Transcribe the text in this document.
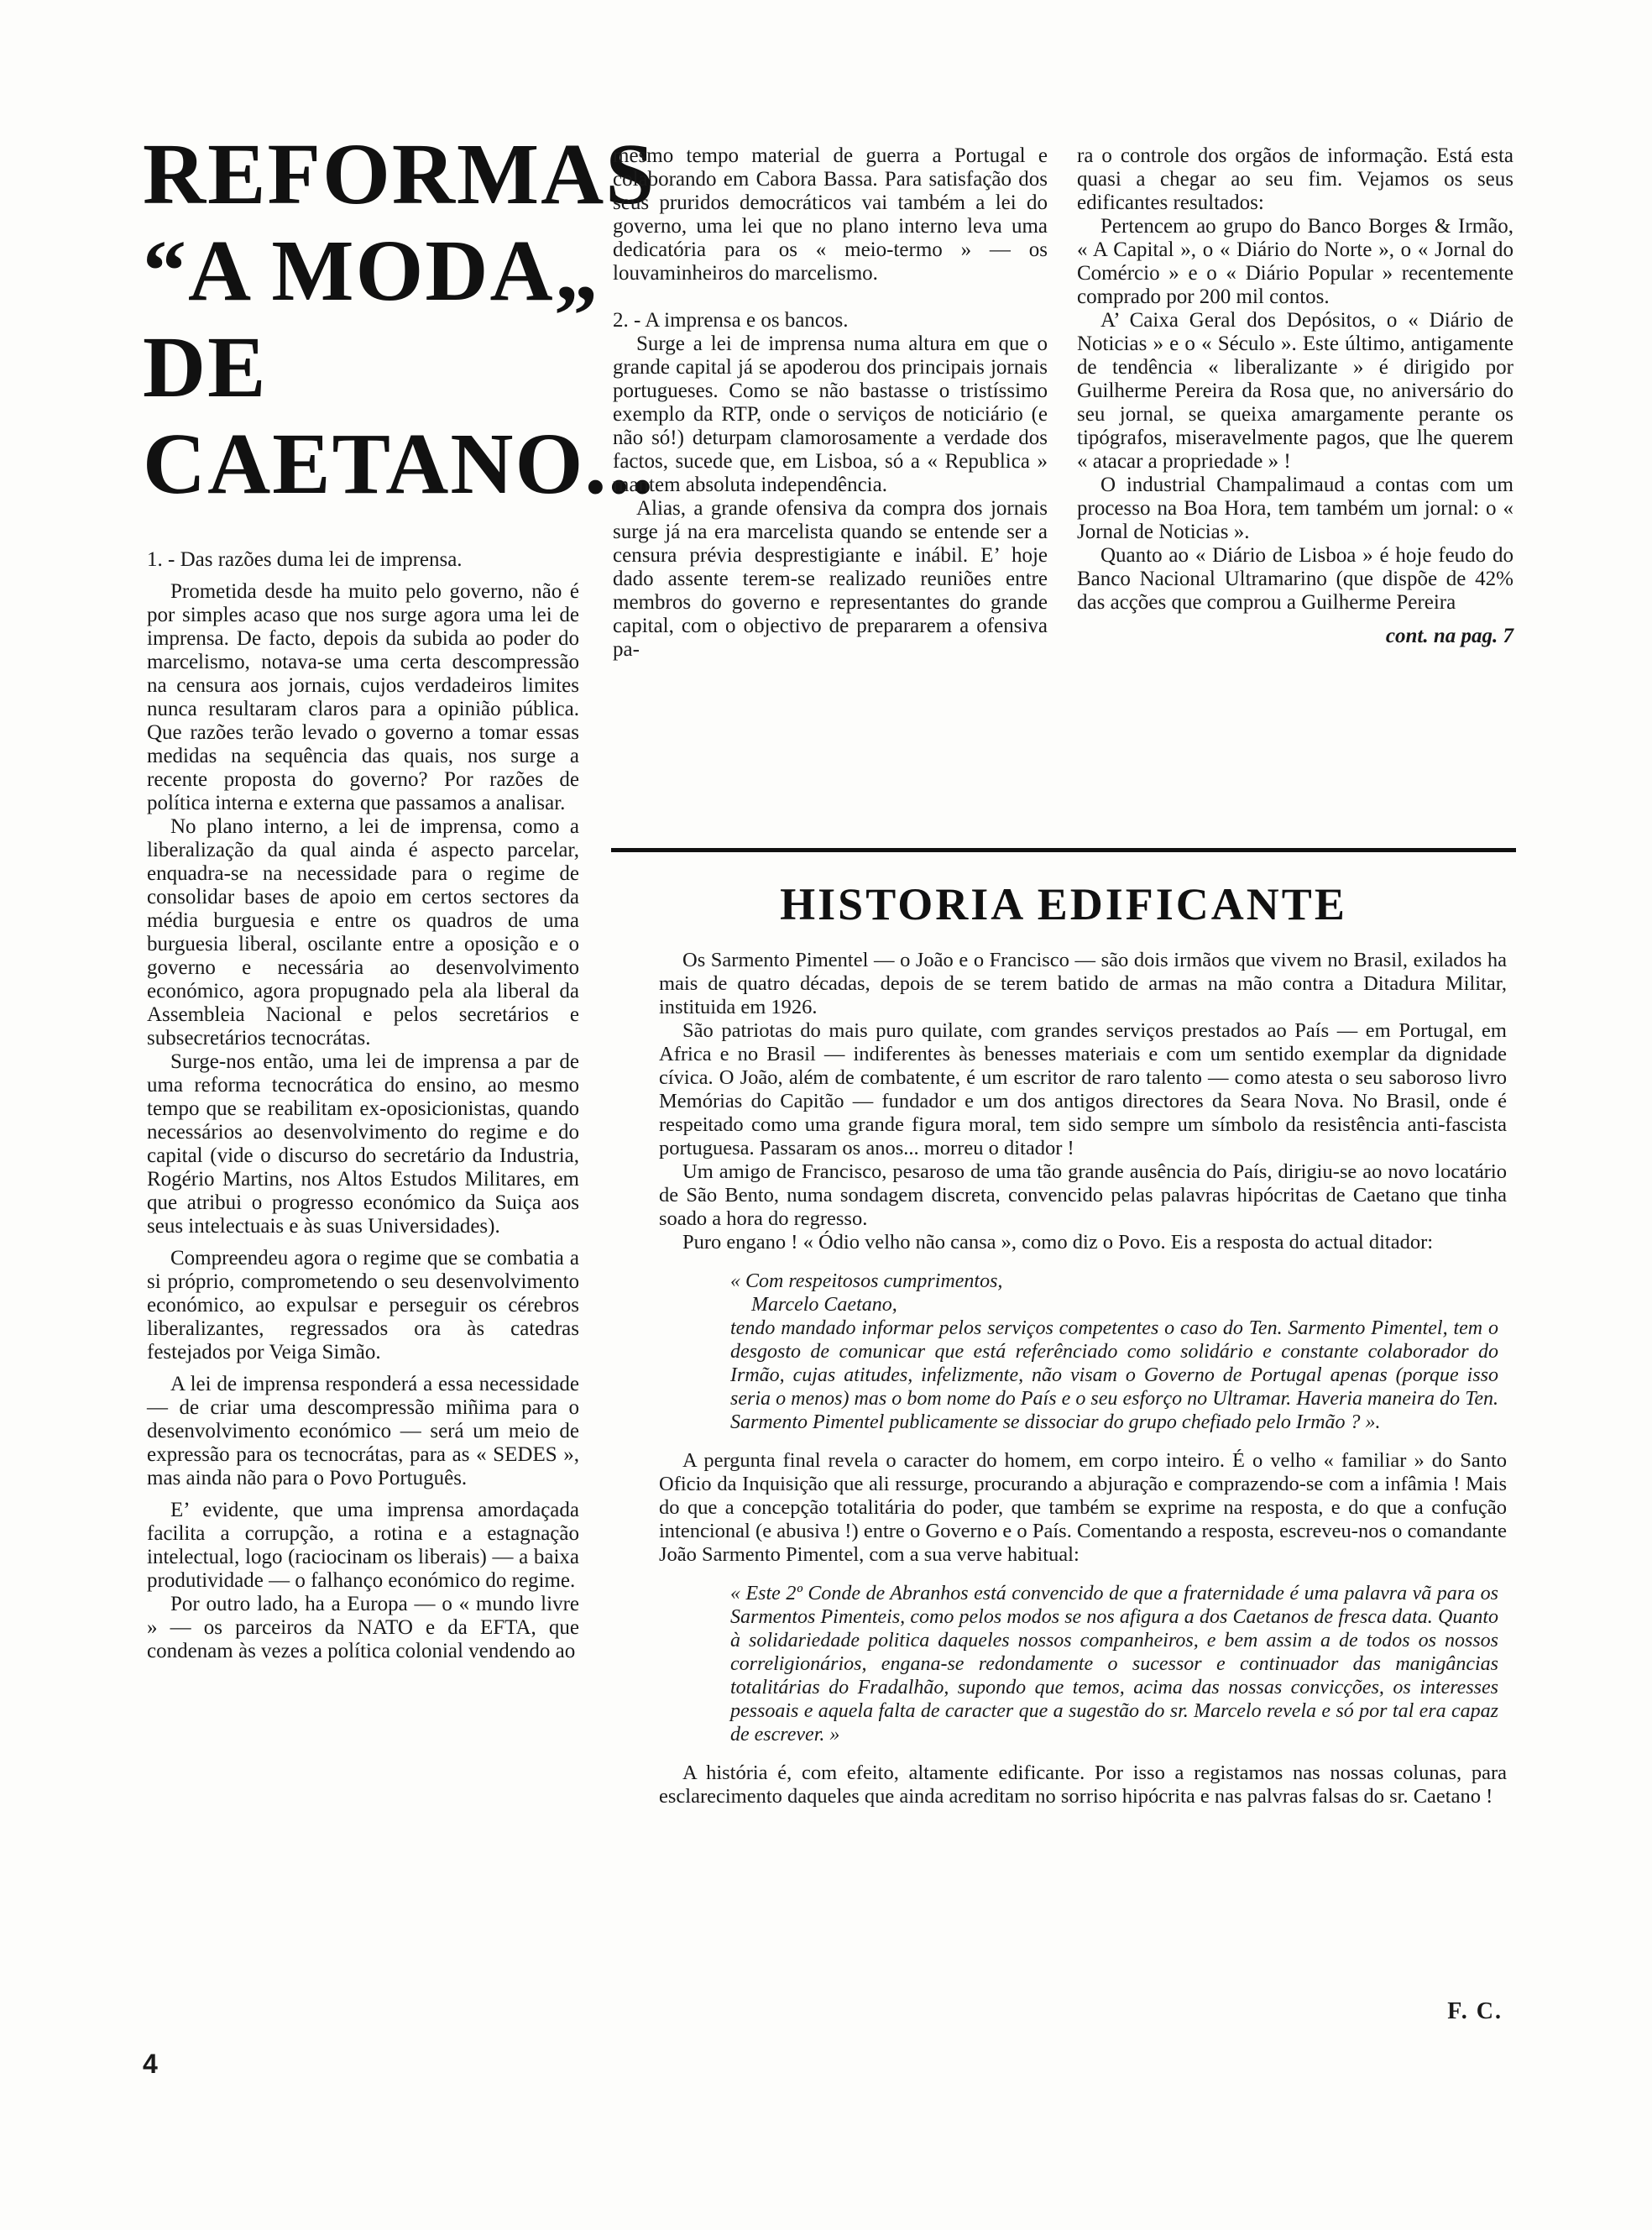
REFORMAS
“A MODA„
DE
CAETANO...

1. - Das razões duma lei de imprensa.

Prometida desde ha muito pelo governo, não é por simples acaso que nos surge agora uma lei de imprensa. De facto, depois da subida ao poder do marcelismo, notava-se uma certa descompressão na censura aos jornais, cujos verdadeiros limites nunca resultaram claros para a opinião pública. Que razões terão levado o governo a tomar essas medidas na sequência das quais, nos surge a recente proposta do governo? Por razões de política interna e externa que passamos a analisar.

No plano interno, a lei de imprensa, como a liberalização da qual ainda é aspecto parcelar, enquadra-se na necessidade para o regime de consolidar bases de apoio em certos sectores da média burguesia e entre os quadros de uma burguesia liberal, oscilante entre a oposição e o governo e necessária ao desenvolvimento económico, agora propugnado pela ala liberal da Assembleia Nacional e pelos secretários e subsecretários tecnocrátas.

Surge-nos então, uma lei de imprensa a par de uma reforma tecnocrática do ensino, ao mesmo tempo que se reabilitam ex-oposicionistas, quando necessários ao desenvolvimento do regime e do capital (vide o discurso do secretário da Industria, Rogério Martins, nos Altos Estudos Militares, em que atribui o progresso económico da Suiça aos seus intelectuais e às suas Universidades).

Compreendeu agora o regime que se combatia a si próprio, comprometendo o seu desenvolvimento económico, ao expulsar e perseguir os cérebros liberalizantes, regressados ora às catedras festejados por Veiga Simão.

A lei de imprensa responderá a essa necessidade — de criar uma descompressão miñima para o desenvolvimento económico — será um meio de expressão para os tecnocrátas, para as « SEDES », mas ainda não para o Povo Português.

E’ evidente, que uma imprensa amordaçada facilita a corrupção, a rotina e a estagnação intelectual, logo (raciocinam os liberais) — a baixa produtividade — o falhanço económico do regime.

Por outro lado, ha a Europa — o « mundo livre » — os parceiros da NATO e da EFTA, que condenam às vezes a política colonial vendendo ao

mesmo tempo material de guerra a Portugal e colaborando em Cabora Bassa. Para satisfação dos seus pruridos democráticos vai também a lei do governo, uma lei que no plano interno leva uma dedicatória para os « meio-termo » — os louvaminheiros do marcelismo.

2. - A imprensa e os bancos.

Surge a lei de imprensa numa altura em que o grande capital já se apoderou dos principais jornais portugueses. Como se não bastasse o tristíssimo exemplo da RTP, onde o serviços de noticiário (e não só!) deturpam clamorosamente a verdade dos factos, sucede que, em Lisboa, só a « Republica » mantem absoluta independência.

Alias, a grande ofensiva da compra dos jornais surge já na era marcelista quando se entende ser a censura prévia desprestigiante e inábil. E’ hoje dado assente terem-se realizado reuniões entre membros do governo e representantes do grande capital, com o objectivo de prepararem a ofensiva pa-

ra o controle dos orgãos de informação. Está esta quasi a chegar ao seu fim. Vejamos os seus edificantes resultados:

Pertencem ao grupo do Banco Borges & Irmão, « A Capital », o « Diário do Norte », o « Jornal do Comércio » e o « Diário Popular » recentemente comprado por 200 mil contos.

A’ Caixa Geral dos Depósitos, o « Diário de Noticias » e o « Século ». Este último, antigamente de tendência « liberalizante » é dirigido por Guilherme Pereira da Rosa que, no aniversário do seu jornal, se queixa amargamente perante os tipógrafos, miseravelmente pagos, que lhe querem « atacar a propriedade » !

O industrial Champalimaud a contas com um processo na Boa Hora, tem também um jornal: o « Jornal de Noticias ».

Quanto ao « Diário de Lisboa » é hoje feudo do Banco Nacional Ultramarino (que dispõe de 42% das acções que comprou a Guilherme Pereira

cont. na pag. 7

HISTORIA EDIFICANTE

Os Sarmento Pimentel — o João e o Francisco — são dois irmãos que vivem no Brasil, exilados ha mais de quatro décadas, depois de se terem batido de armas na mão contra a Ditadura Militar, instituida em 1926.

São patriotas do mais puro quilate, com grandes serviços prestados ao País — em Portugal, em Africa e no Brasil — indiferentes às benesses materiais e com um sentido exemplar da dignidade cívica. O João, além de combatente, é um escritor de raro talento — como atesta o seu saboroso livro Memórias do Capitão — fundador e um dos antigos directores da Seara Nova. No Brasil, onde é respeitado como uma grande figura moral, tem sido sempre um símbolo da resistência anti-fascista portuguesa. Passaram os anos... morreu o ditador !

Um amigo de Francisco, pesaroso de uma tão grande ausência do País, dirigiu-se ao novo locatário de São Bento, numa sondagem discreta, convencido pelas palavras hipócritas de Caetano que tinha soado a hora do regresso.

Puro engano ! « Ódio velho não cansa », como diz o Povo. Eis a resposta do actual ditador:

« Com respeitosos cumprimentos,
Marcelo Caetano,

tendo mandado informar pelos serviços competentes o caso do Ten. Sarmento Pimentel, tem o desgosto de comunicar que está referênciado como solidário e constante colaborador do Irmão, cujas atitudes, infelizmente, não visam o Governo de Portugal apenas (porque isso seria o menos) mas o bom nome do País e o seu esforço no Ultramar. Haveria maneira do Ten. Sarmento Pimentel publicamente se dissociar do grupo chefiado pelo Irmão ? ».

A pergunta final revela o caracter do homem, em corpo inteiro. É o velho « familiar » do Santo Oficio da Inquisição que ali ressurge, procurando a abjuração e comprazendo-se com a infâmia ! Mais do que a concepção totalitária do poder, que também se exprime na resposta, e do que a confução intencional (e abusiva !) entre o Governo e o País. Comentando a resposta, escreveu-nos o comandante João Sarmento Pimentel, com a sua verve habitual:

« Este 2º Conde de Abranhos está convencido de que a fraternidade é uma palavra vã para os Sarmentos Pimenteis, como pelos modos se nos afigura a dos Caetanos de fresca data. Quanto à solidariedade politica daqueles nossos companheiros, e bem assim a de todos os nossos correligionários, engana-se redondamente o sucessor e continuador das manigâncias totalitárias do Fradalhão, supondo que temos, acima das nossas convicções, os interesses pessoais e aquela falta de caracter que a sugestão do sr. Marcelo revela e só por tal era capaz de escrever. »

A história é, com efeito, altamente edificante. Por isso a registamos nas nossas colunas, para esclarecimento daqueles que ainda acreditam no sorriso hipócrita e nas palvras falsas do sr. Caetano !

F. C.
4
